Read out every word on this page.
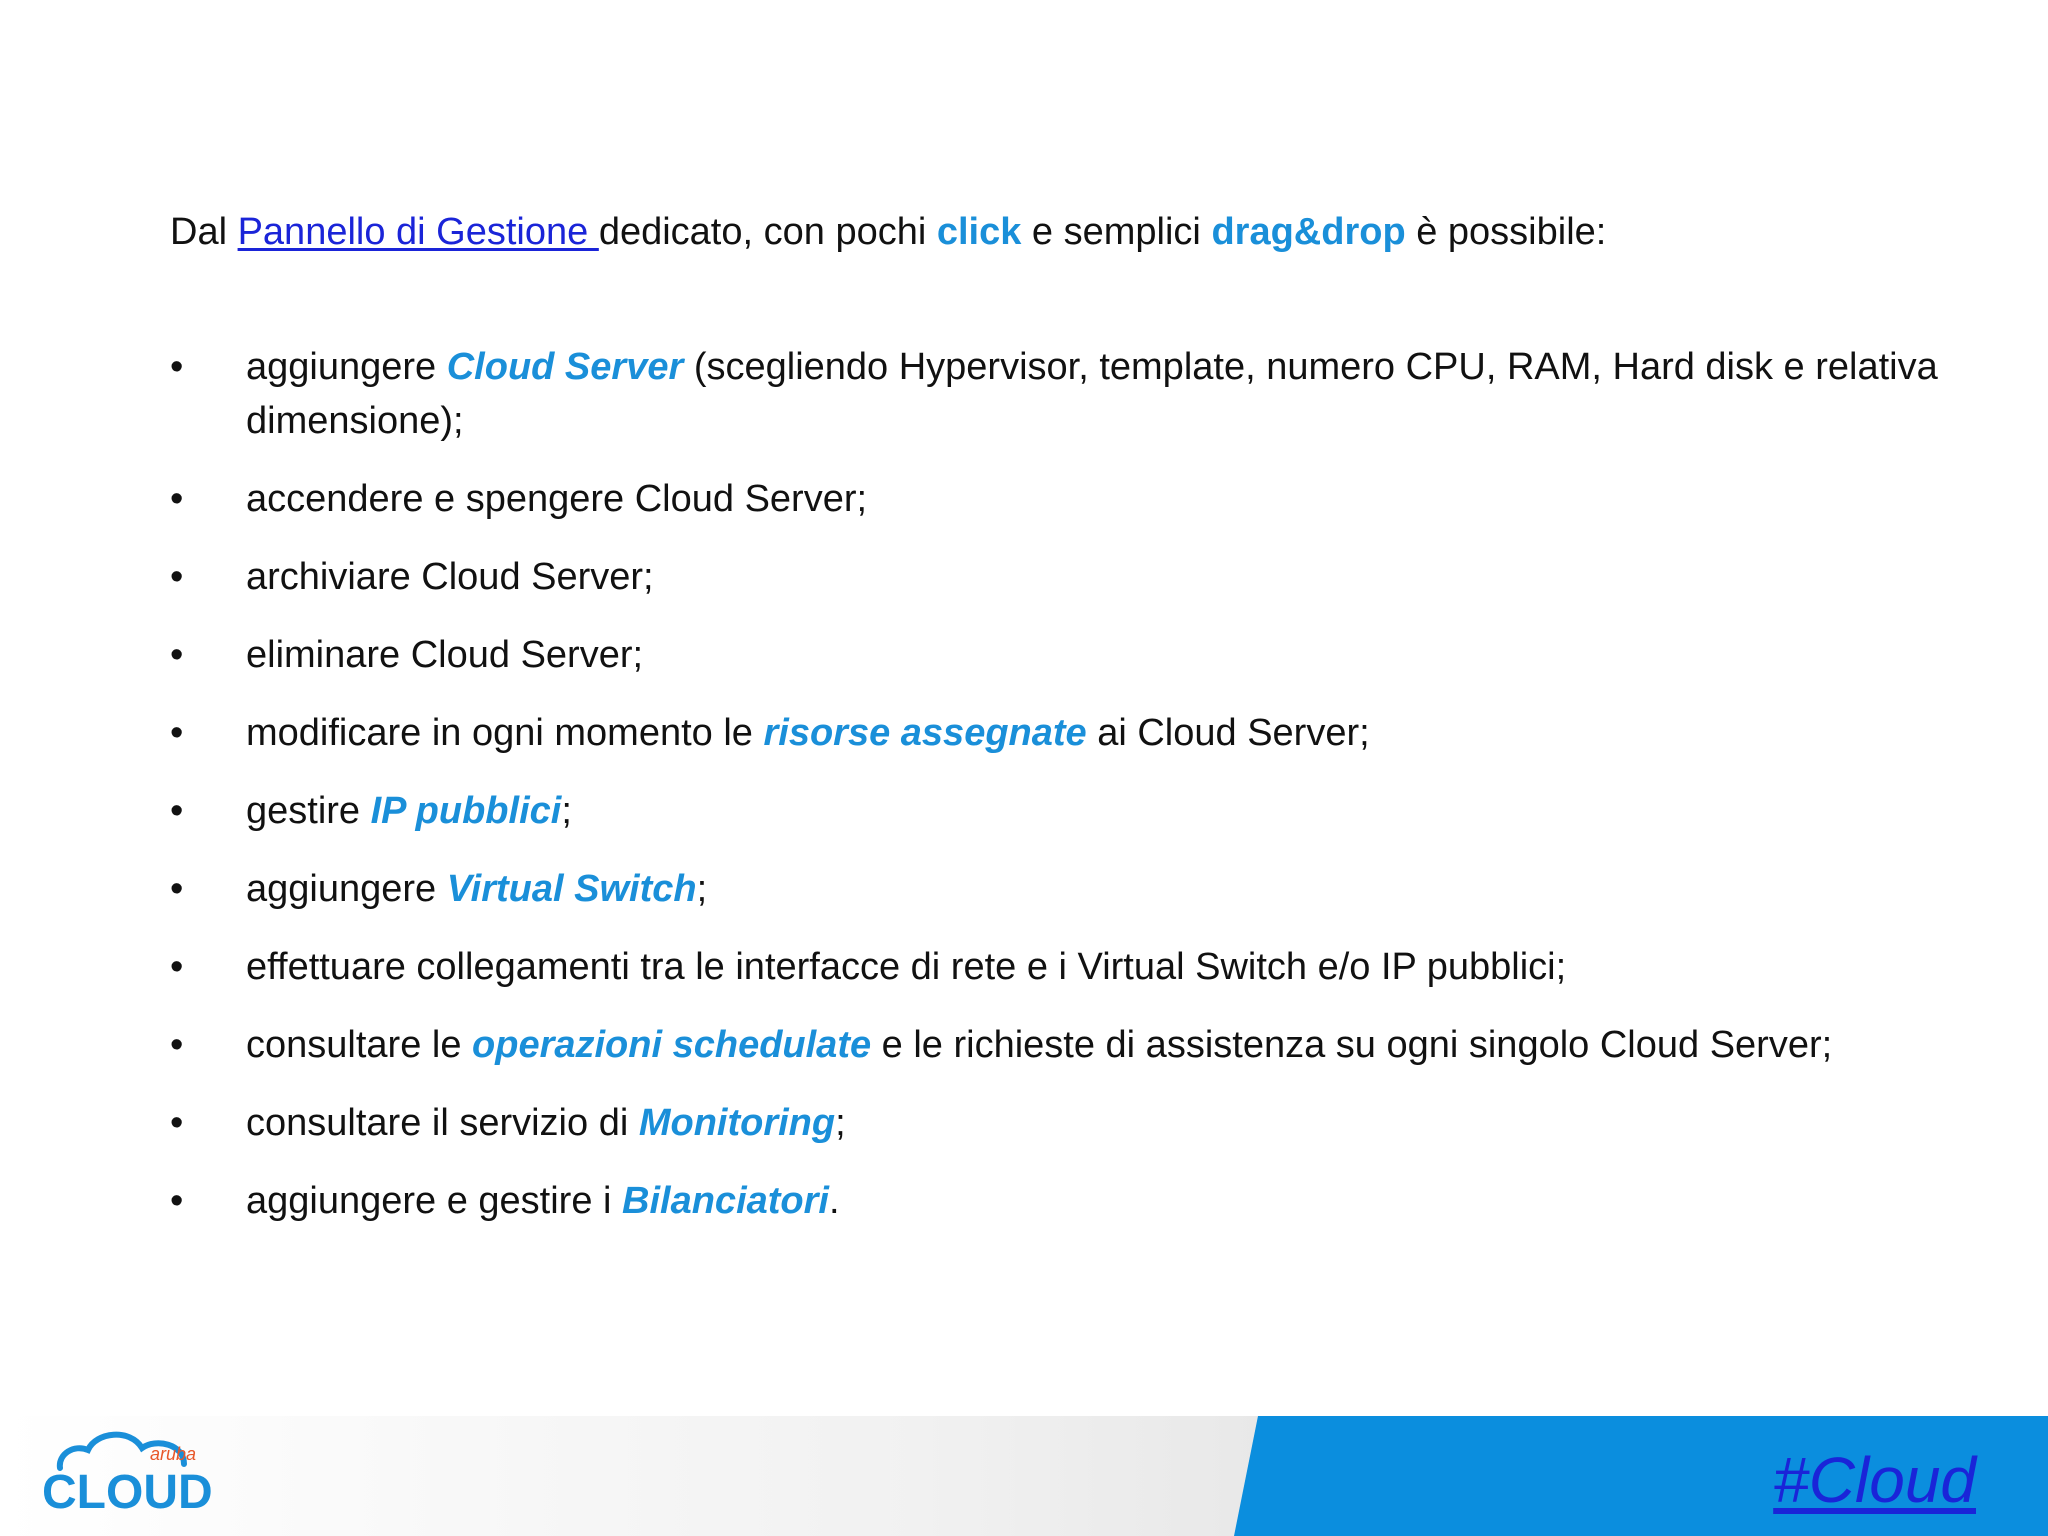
Dal Pannello di Gestione dedicato, con pochi click e semplici drag&drop è possibile:
•	aggiungere Cloud Server (scegliendo Hypervisor, template, numero CPU, RAM, Hard disk e relativa dimensione);
•	accendere e spengere Cloud Server;
•	archiviare Cloud Server;
•	eliminare Cloud Server;
•	modificare in ogni momento le risorse assegnate ai Cloud Server;
•	gestire IP pubblici;
•	aggiungere Virtual Switch;
•	effettuare collegamenti tra le interfacce di rete e i Virtual Switch e/o IP pubblici;
•	consultare le operazioni schedulate e le richieste di assistenza su ogni singolo Cloud Server;
•	consultare il servizio di Monitoring;
•	aggiungere e gestire i Bilanciatori.
aruba
CLOUD	#Cloud
